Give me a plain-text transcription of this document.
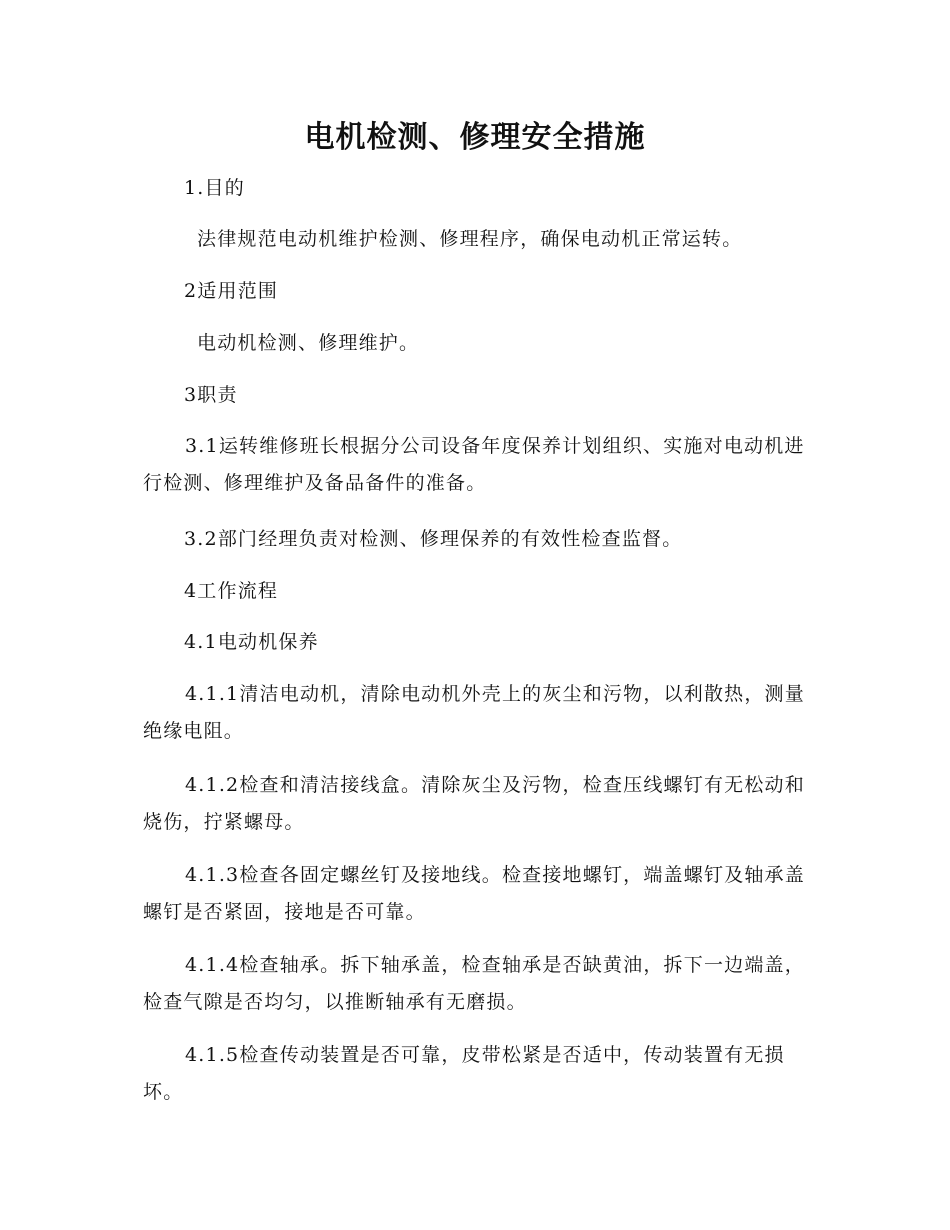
电机检测、修理安全措施
1.目的
法律规范电动机维护检测、修理程序，确保电动机正常运转。
2适用范围
电动机检测、修理维护。
3职责
3.1运转维修班长根据分公司设备年度保养计划组织、实施对电动机进行检测、修理维护及备品备件的准备。
3.2部门经理负责对检测、修理保养的有效性检查监督。
4工作流程
4.1电动机保养
4.1.1清洁电动机，清除电动机外壳上的灰尘和污物，以利散热，测量绝缘电阻。
4.1.2检查和清洁接线盒。清除灰尘及污物，检查压线螺钉有无松动和烧伤，拧紧螺母。
4.1.3检查各固定螺丝钉及接地线。检查接地螺钉，端盖螺钉及轴承盖螺钉是否紧固，接地是否可靠。
4.1.4检查轴承。拆下轴承盖，检查轴承是否缺黄油，拆下一边端盖，检查气隙是否均匀，以推断轴承有无磨损。
4.1.5检查传动装置是否可靠，皮带松紧是否适中，传动装置有无损坏。
